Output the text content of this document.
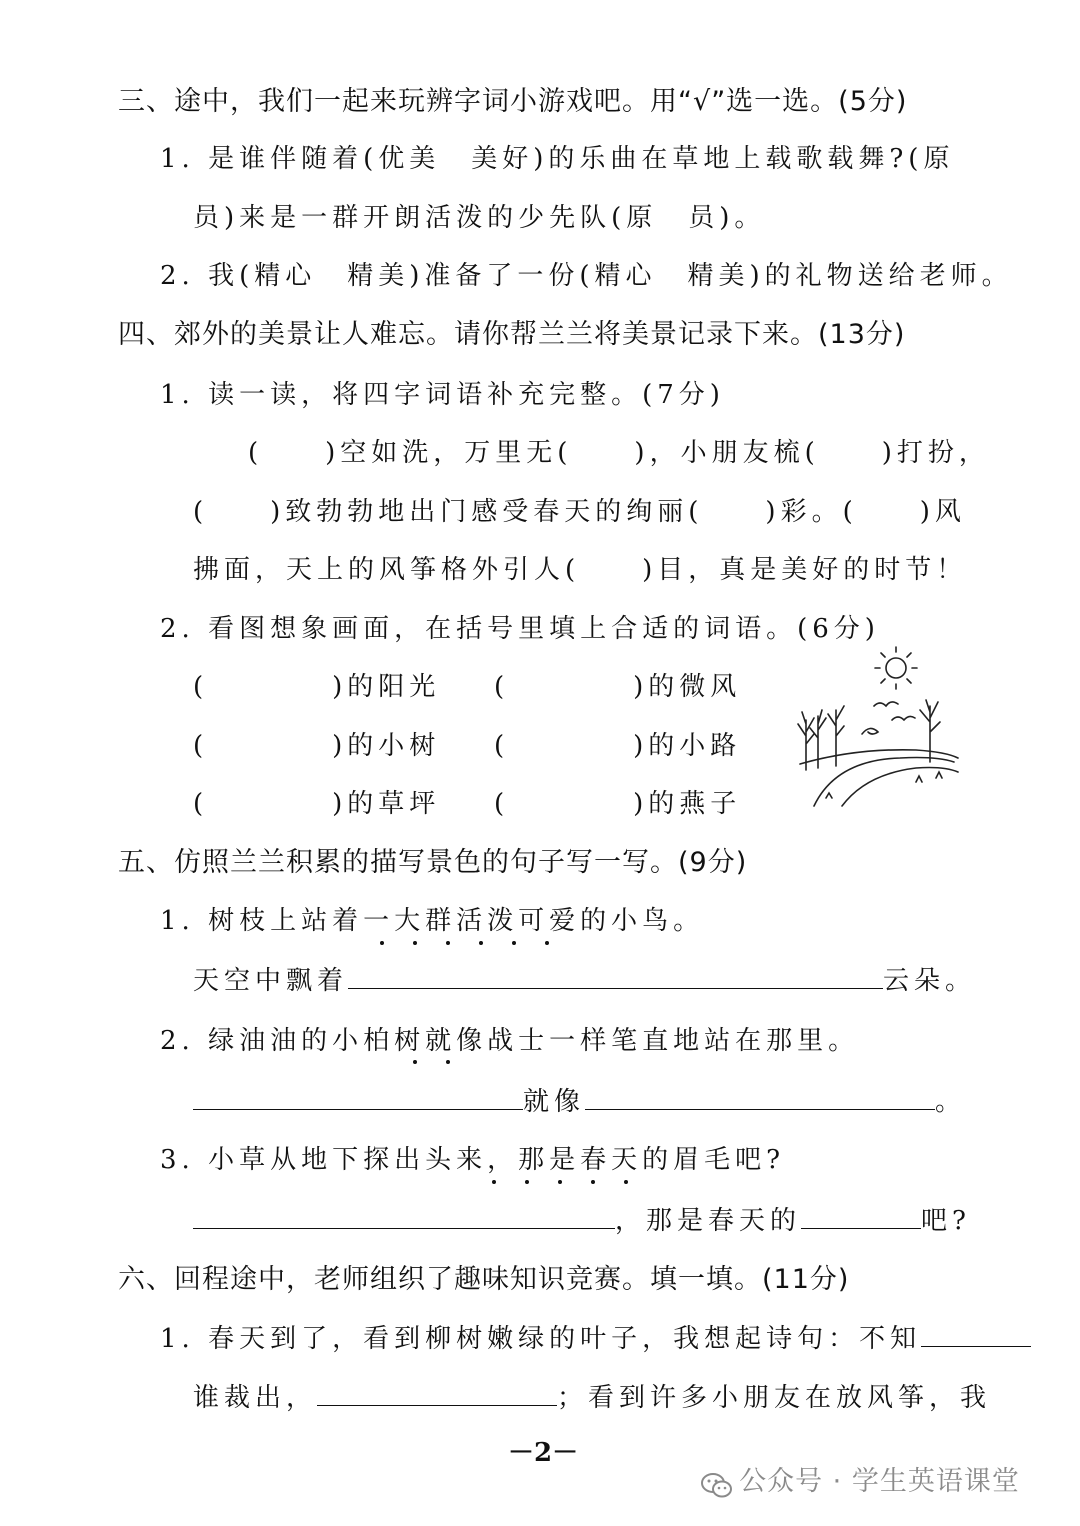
三、途中，我们一起来玩辨字词小游戏吧。用“√”选一选。(5分)
1. 是谁伴随着(优美　美好)的乐曲在草地上载歌载舞?(原
员)来是一群开朗活泼的少先队(原　员)。
2. 我(精心　精美)准备了一份(精心　精美)的礼物送给老师。
四、郊外的美景让人难忘。请你帮兰兰将美景记录下来。(13分)
1. 读一读，将四字词语补充完整。(7分)
(　　)空如洗，万里无(　　)，小朋友梳(　　)打扮，
(　　)致勃勃地出门感受春天的绚丽(　　)彩。(　　)风
拂面，天上的风筝格外引人(　　)目，真是美好的时节！
2. 看图想象画面，在括号里填上合适的词语。(6分)
(　　　　)的阳光 (　　　　)的微风
(　　　　)的小树 (　　　　)的小路
(　　　　)的草坪 (　　　　)的燕子
五、仿照兰兰积累的描写景色的句子写一写。(9分)
1. 树枝上站着一大群活泼可爱的小鸟。
天空中飘着	云朵。
2. 绿油油的小柏树就像战士一样笔直地站在那里。
就像	。
3. 小草从地下探出头来，那是春天的眉毛吧?
，那是春天的	吧?
六、回程途中，老师组织了趣味知识竞赛。填一填。(11分)
1. 春天到了，看到柳树嫩绿的叶子，我想起诗句：不知
谁裁出，	；看到许多小朋友在放风筝，我
－2－
公众号 · 学生英语课堂
